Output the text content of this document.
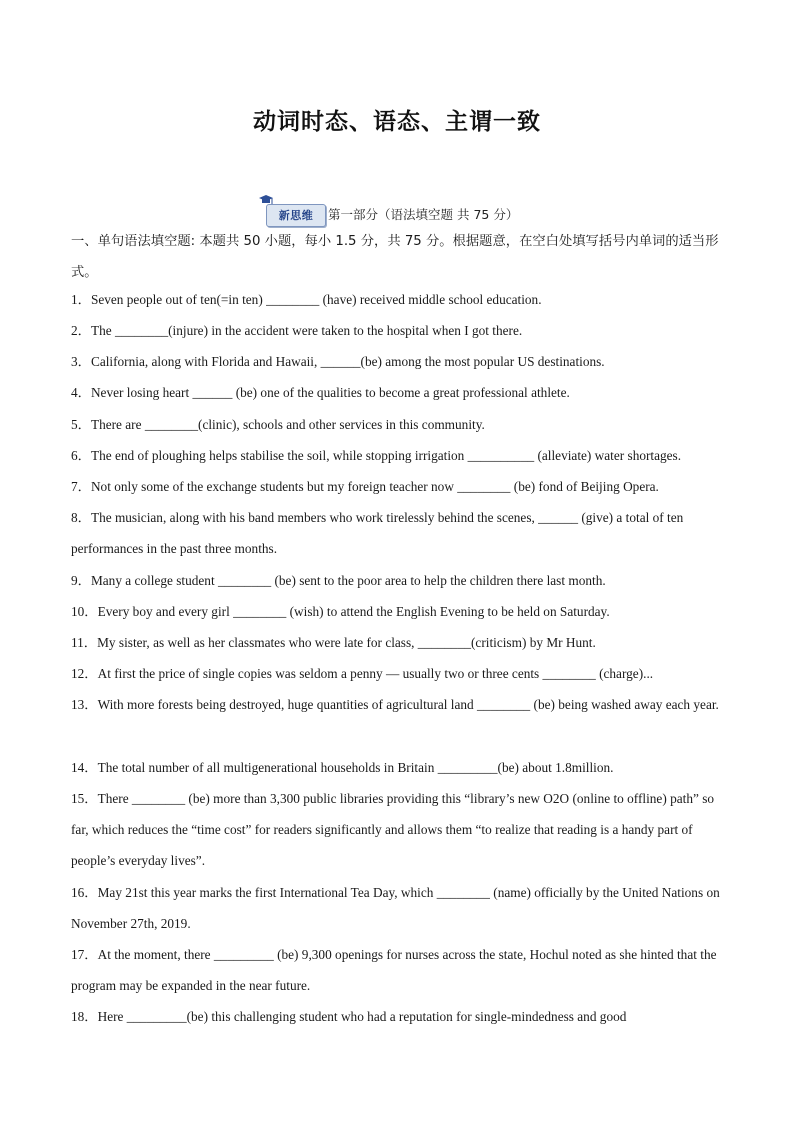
动词时态、语态、主谓一致
新思维	第一部分（语法填空题 共 75 分）
一、单句语法填空题: 本题共 50 小题，每小 1.5 分，共 75 分。根据题意，在空白处填写括号内单词的适当形式。
1．Seven people out of ten(=in ten) ________ (have) received middle school education.
2．The ________(injure) in the accident were taken to the hospital when I got there.
3．California, along with Florida and Hawaii, ______(be) among the most popular US destinations.
4．Never losing heart ______ (be) one of the qualities to become a great professional athlete.
5．There are ________(clinic), schools and other services in this community.
6．The end of ploughing helps stabilise the soil, while stopping irrigation __________ (alleviate) water shortages.
7．Not only some of the exchange students but my foreign teacher now ________ (be) fond of Beijing Opera.
8．The musician, along with his band members who work tirelessly behind the scenes, ______ (give) a total of ten performances in the past three months.
9．Many a college student ________ (be) sent to the poor area to help the children there last month.
10．Every boy and every girl ________ (wish) to attend the English Evening to be held on Saturday.
11．My sister, as well as her classmates who were late for class, ________(criticism) by Mr Hunt.
12．At first the price of single copies was seldom a penny — usually two or three cents ________ (charge)...
13．With more forests being destroyed, huge quantities of agricultural land ________ (be) being washed away each year.
14．The total number of all multigenerational households in Britain _________(be) about 1.8million.
15．There ________ (be) more than 3,300 public libraries providing this “library’s new O2O (online to offline) path” so far, which reduces the “time cost” for readers significantly and allows them “to realize that reading is a handy part of people’s everyday lives”.
16．May 21st this year marks the first International Tea Day, which ________ (name) officially by the United Nations on November 27th, 2019.
17．At the moment, there _________ (be) 9,300 openings for nurses across the state, Hochul noted as she hinted that the program may be expanded in the near future.
18．Here _________(be) this challenging student who had a reputation for single-mindedness and good
